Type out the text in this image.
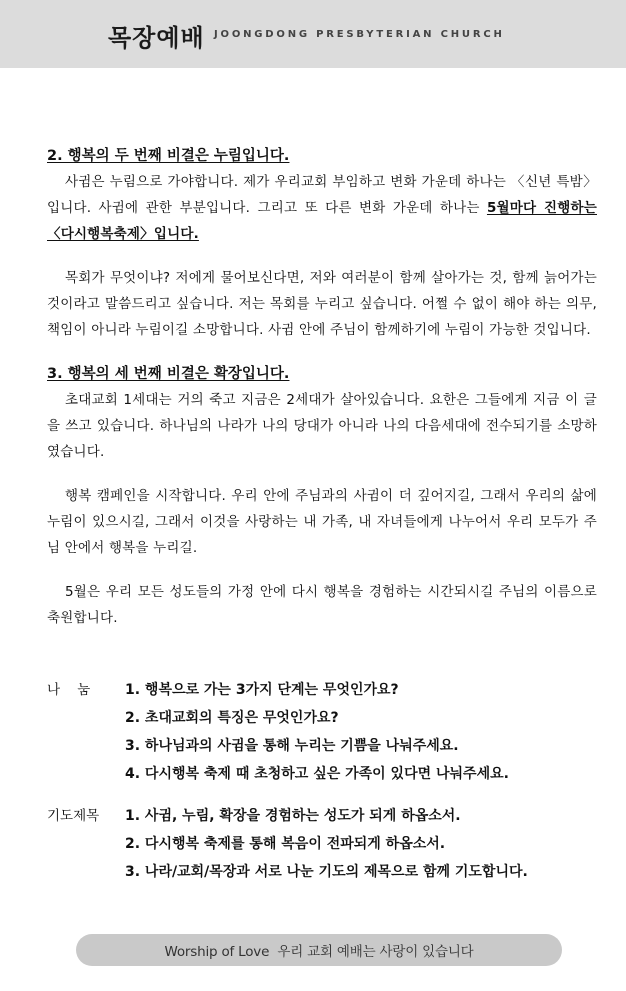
목장예배 JOONGDONG PRESBYTERIAN CHURCH
2. 행복의 두 번째 비결은 누림입니다.

사귐은 누림으로 가야합니다. 제가 우리교회 부임하고 변화 가운데 하나는 〈신년 특밤〉입니다. 사귐에 관한 부분입니다. 그리고 또 다른 변화 가운데 하나는 5월마다 진행하는 〈다시행복축제〉입니다.

목회가 무엇이냐? 저에게 물어보신다면, 저와 여러분이 함께 살아가는 것, 함께 늙어가는 것이라고 말씀드리고 싶습니다. 저는 목회를 누리고 싶습니다. 어쩔 수 없이 해야 하는 의무, 책임이 아니라 누림이길 소망합니다. 사귐 안에 주님이 함께하기에 누림이 가능한 것입니다.

3. 행복의 세 번째 비결은 확장입니다.

초대교회 1세대는 거의 죽고 지금은 2세대가 살아있습니다. 요한은 그들에게 지금 이 글을 쓰고 있습니다. 하나님의 나라가 나의 당대가 아니라 나의 다음세대에 전수되기를 소망하였습니다.

행복 캠페인을 시작합니다. 우리 안에 주님과의 사귐이 더 깊어지길, 그래서 우리의 삶에 누림이 있으시길, 그래서 이것을 사랑하는 내 가족, 내 자녀들에게 나누어서 우리 모두가 주님 안에서 행복을 누리길.

5월은 우리 모든 성도들의 가정 안에 다시 행복을 경험하는 시간되시길 주님의 이름으로 축원합니다.

나    눔	1. 행복으로 가는 3가지 단계는 무엇인가요?
2. 초대교회의 특징은 무엇인가요?
3. 하나님과의 사귐을 통해 누리는 기쁨을 나눠주세요.
4. 다시행복 축제 때 초청하고 싶은 가족이 있다면 나눠주세요.
기도제목	1. 사귐, 누림, 확장을 경험하는 성도가 되게 하옵소서.
2. 다시행복 축제를 통해 복음이 전파되게 하옵소서.
3. 나라/교회/목장과 서로 나눈 기도의 제목으로 함께 기도합니다.
Worship of Love  우리 교회 예배는 사랑이 있습니다
